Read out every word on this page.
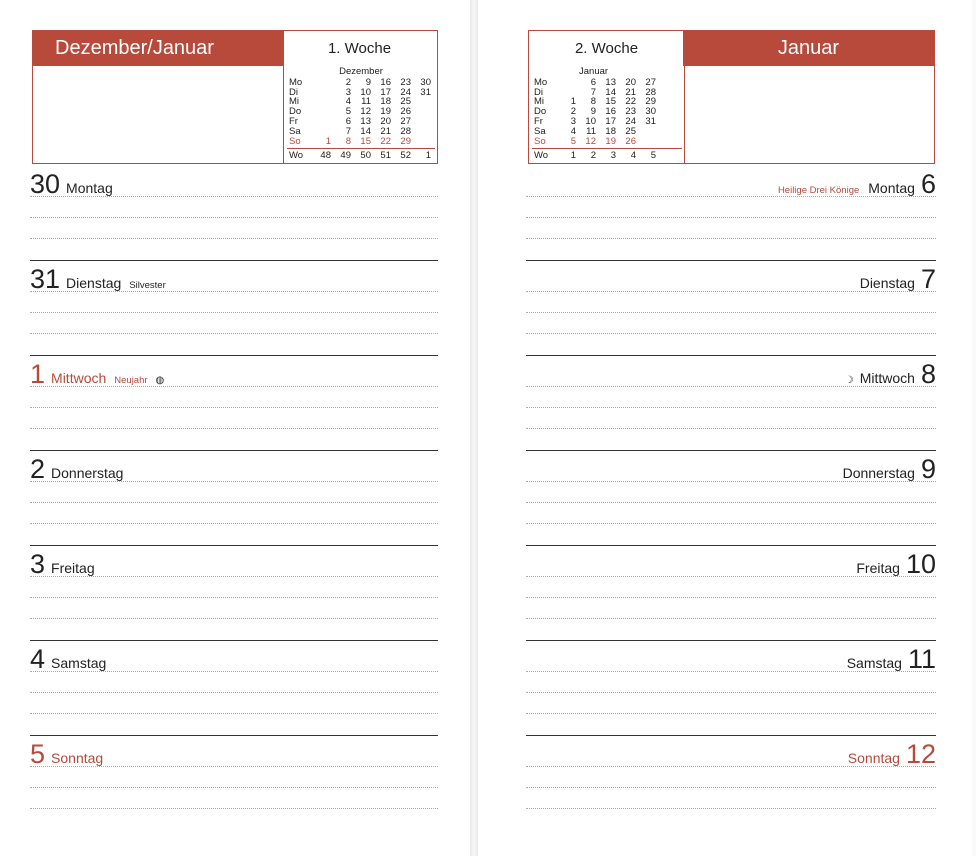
Dezember/Januar	1. Woche
Dezember
Mo	2	9 16 23 30
Di	3 10 17 24 31
Mi	4	11 18 25
Do	5 12 19 26
Fr	6 13 20 27
Sa	7 14 21 28
So	1	8 15 22 29
Wo	48 49 50 51 52	1
30 Montag
31 Dienstag Silvester
1 Mittwoch Neujahr ◍
2 Donnerstag
3 Freitag
4 Samstag
5 Sonntag
2. Woche	Januar
Januar
Mo	6 13 20 27
Di	7 14 21 28
Mi	1	8 15 22 29
Do	2	9 16 23 30
Fr	3 10 17 24 31
Sa	4	11 18 25
So	5 12 19 26
Wo	1	2	3	4	5
Heilige Drei Könige Montag 6
Dienstag 7
☽ Mittwoch 8
Donnerstag 9
Freitag 10
Samstag 11
Sonntag 12
